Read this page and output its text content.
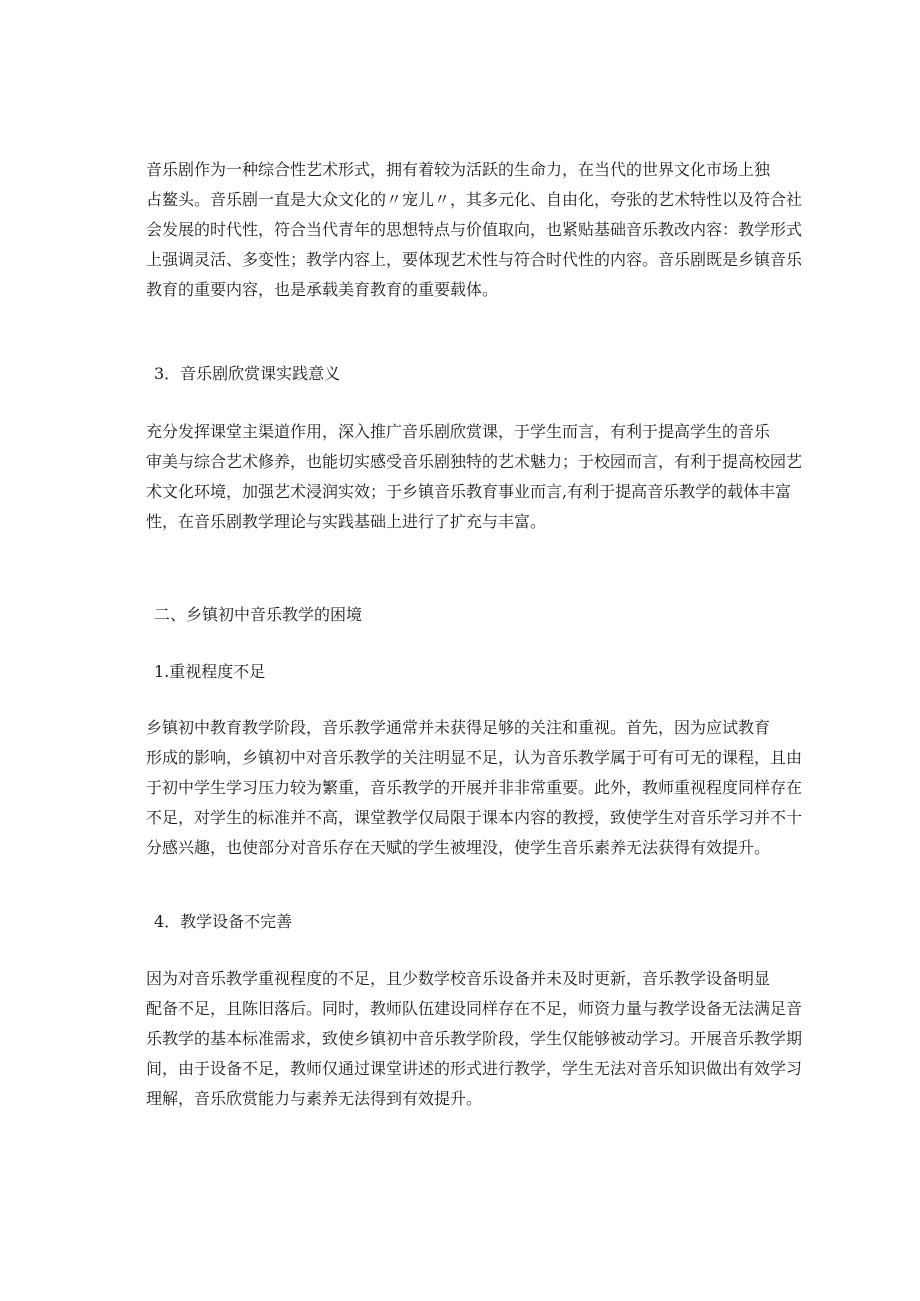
音乐剧作为一种综合性艺术形式，拥有着较为活跃的生命力，在当代的世界文化市场上独
占鳌头。音乐剧一直是大众文化的〃宠儿〃，其多元化、自由化，夸张的艺术特性以及符合社
会发展的时代性，符合当代青年的思想特点与价值取向，也紧贴基础音乐教改内容：教学形式
上强调灵活、多变性；教学内容上，要体现艺术性与符合时代性的内容。音乐剧既是乡镇音乐
教育的重要内容，也是承载美育教育的重要载体。
3．音乐剧欣赏课实践意义
充分发挥课堂主渠道作用，深入推广音乐剧欣赏课，于学生而言，有利于提高学生的音乐
审美与综合艺术修养，也能切实感受音乐剧独特的艺术魅力；于校园而言，有利于提高校园艺
术文化环境，加强艺术浸润实效；于乡镇音乐教育事业而言,有利于提高音乐教学的载体丰富
性，在音乐剧教学理论与实践基础上进行了扩充与丰富。
二、乡镇初中音乐教学的困境
1.重视程度不足
乡镇初中教育教学阶段，音乐教学通常并未获得足够的关注和重视。首先，因为应试教育
形成的影响，乡镇初中对音乐教学的关注明显不足，认为音乐教学属于可有可无的课程，且由
于初中学生学习压力较为繁重，音乐教学的开展并非非常重要。此外，教师重视程度同样存在
不足，对学生的标准并不高，课堂教学仅局限于课本内容的教授，致使学生对音乐学习并不十
分感兴趣，也使部分对音乐存在天赋的学生被埋没，使学生音乐素养无法获得有效提升。
4．教学设备不完善
因为对音乐教学重视程度的不足，且少数学校音乐设备并未及时更新，音乐教学设备明显
配备不足，且陈旧落后。同时，教师队伍建设同样存在不足，师资力量与教学设备无法满足音
乐教学的基本标准需求，致使乡镇初中音乐教学阶段，学生仅能够被动学习。开展音乐教学期
间，由于设备不足，教师仅通过课堂讲述的形式进行教学，学生无法对音乐知识做出有效学习
理解，音乐欣赏能力与素养无法得到有效提升。
